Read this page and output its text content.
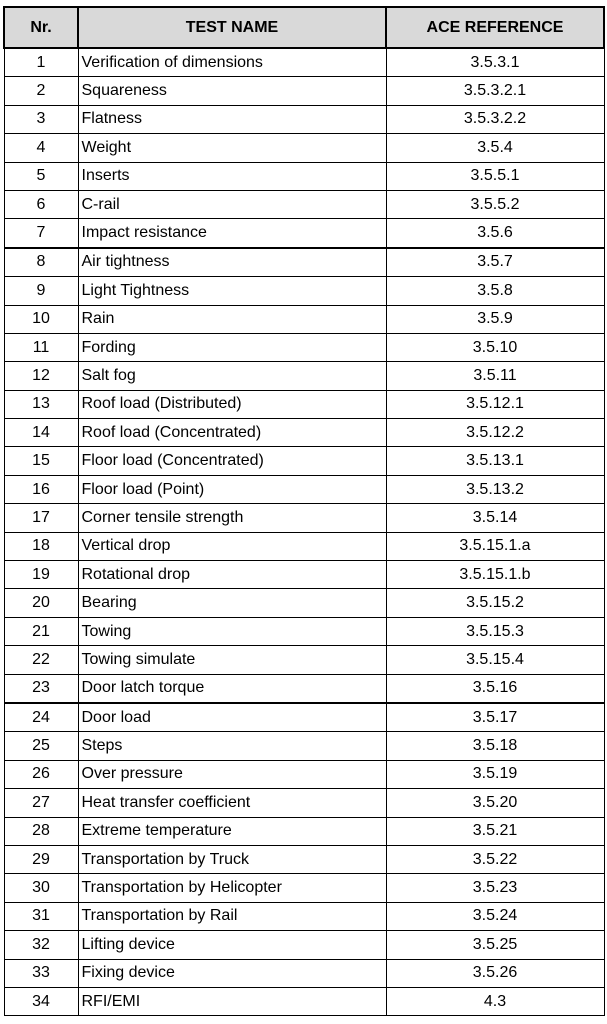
Nr.	TEST NAME	ACE REFERENCE
1	Verification of dimensions	3.5.3.1
2	Squareness	3.5.3.2.1
3	Flatness	3.5.3.2.2
4	Weight	3.5.4
5	Inserts	3.5.5.1
6	C-rail	3.5.5.2
7	Impact resistance	3.5.6
8	Air tightness	3.5.7
9	Light Tightness	3.5.8
10	Rain	3.5.9
11	Fording	3.5.10
12	Salt fog	3.5.11
13	Roof load (Distributed)	3.5.12.1
14	Roof load (Concentrated)	3.5.12.2
15	Floor load (Concentrated)	3.5.13.1
16	Floor load (Point)	3.5.13.2
17	Corner tensile strength	3.5.14
18	Vertical drop	3.5.15.1.a
19	Rotational drop	3.5.15.1.b
20	Bearing	3.5.15.2
21	Towing	3.5.15.3
22	Towing simulate	3.5.15.4
23	Door latch torque	3.5.16
24	Door load	3.5.17
25	Steps	3.5.18
26	Over pressure	3.5.19
27	Heat transfer coefficient	3.5.20
28	Extreme temperature	3.5.21
29	Transportation by Truck	3.5.22
30	Transportation by Helicopter	3.5.23
31	Transportation by Rail	3.5.24
32	Lifting device	3.5.25
33	Fixing device	3.5.26
34	RFI/EMI	4.3
